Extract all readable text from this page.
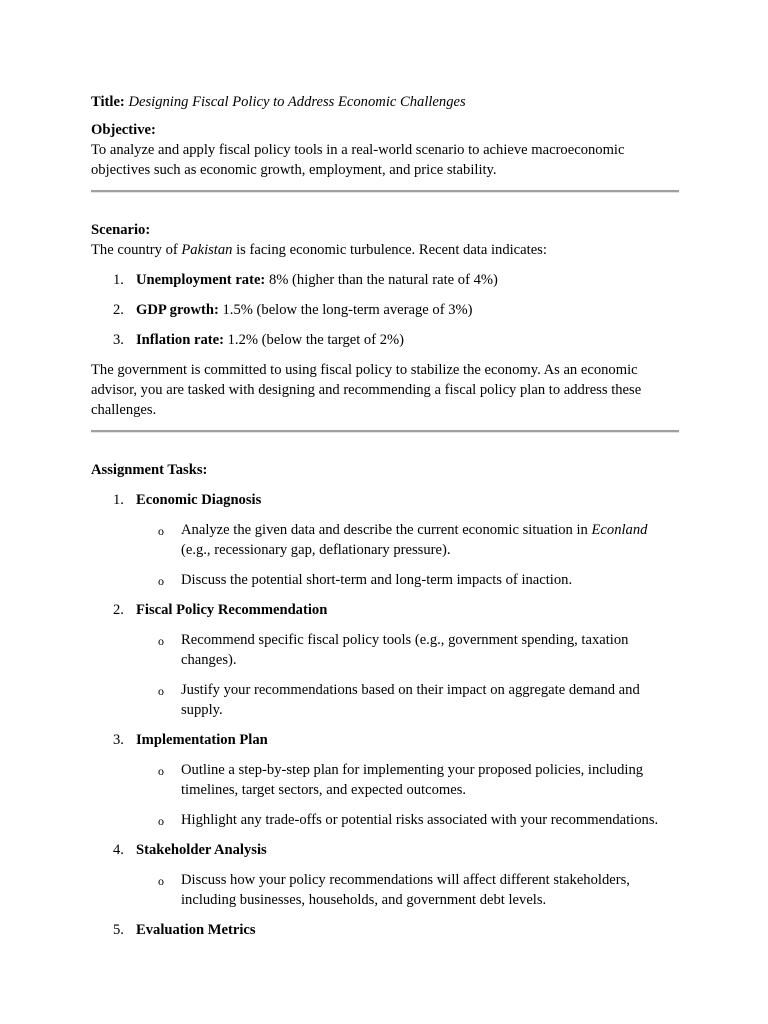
Title: Designing Fiscal Policy to Address Economic Challenges

Objective:

To analyze and apply fiscal policy tools in a real-world scenario to achieve macroeconomic objectives such as economic growth, employment, and price stability.

Scenario:

The country of Pakistan is facing economic turbulence. Recent data indicates:

1. Unemployment rate: 8% (higher than the natural rate of 4%)
2. GDP growth: 1.5% (below the long-term average of 3%)
3. Inflation rate: 1.2% (below the target of 2%)

The government is committed to using fiscal policy to stabilize the economy. As an economic advisor, you are tasked with designing and recommending a fiscal policy plan to address these challenges.

Assignment Tasks:

1. Economic Diagnosis
o Analyze the given data and describe the current economic situation in Econland (e.g., recessionary gap, deflationary pressure).
o Discuss the potential short-term and long-term impacts of inaction.
2. Fiscal Policy Recommendation
o Recommend specific fiscal policy tools (e.g., government spending, taxation changes).
o Justify your recommendations based on their impact on aggregate demand and supply.
3. Implementation Plan
o Outline a step-by-step plan for implementing your proposed policies, including timelines, target sectors, and expected outcomes.
o Highlight any trade-offs or potential risks associated with your recommendations.
4. Stakeholder Analysis
o Discuss how your policy recommendations will affect different stakeholders, including businesses, households, and government debt levels.
5. Evaluation Metrics
